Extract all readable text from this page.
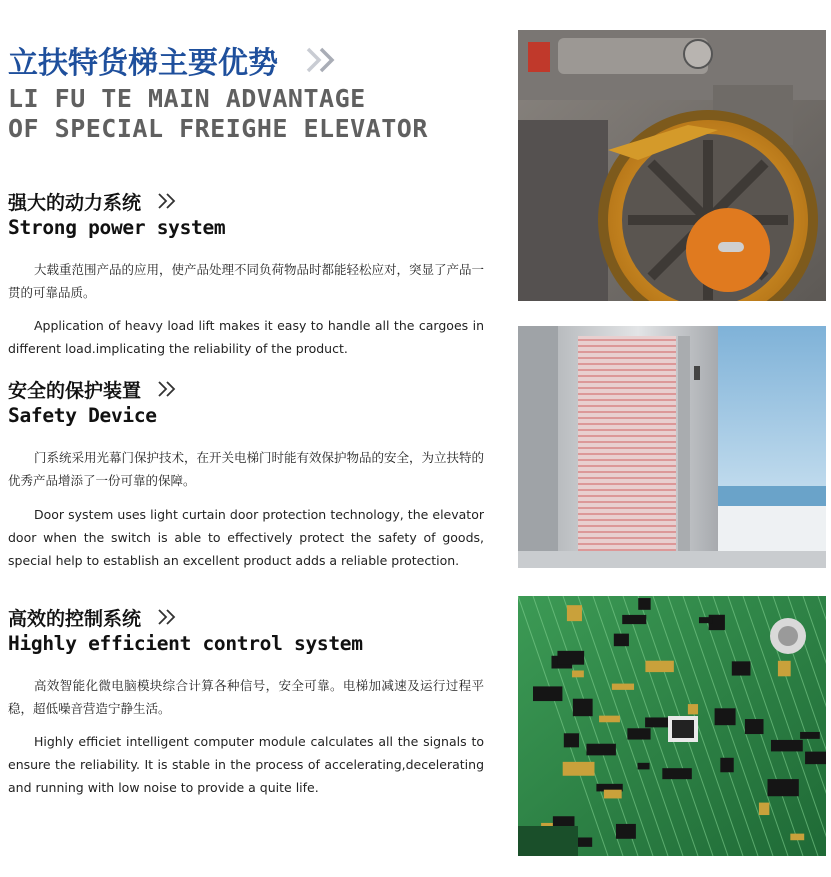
立扶特货梯主要优势
LI FU TE MAIN ADVANTAGE
OF SPECIAL FREIGHE ELEVATOR
强大的动力系统
Strong power system

大载重范围产品的应用，使产品处理不同负荷物品时都能轻松应对，突显了产品一贯的可靠品质。

Application of heavy load lift makes it easy to handle all the cargoes in different load.implicating the reliability of the product.

安全的保护装置
Safety Device

门系统采用光幕门保护技术，在开关电梯门时能有效保护物品的安全，为立扶特的优秀产品增添了一份可靠的保障。

Door system uses light curtain door protection technology, the elevator door when the switch is able to effectively protect the safety of goods, special help to establish an excellent product adds a reliable protection.

高效的控制系统
Highly efficient control system

高效智能化微电脑模块综合计算各种信号，安全可靠。电梯加减速及运行过程平稳，超低噪音营造宁静生活。

Highly efficiet intelligent computer module calculates all the signals to ensure the reliability. It is stable in the process of accelerating,decelerating and running with low noise to provide a quite life.
